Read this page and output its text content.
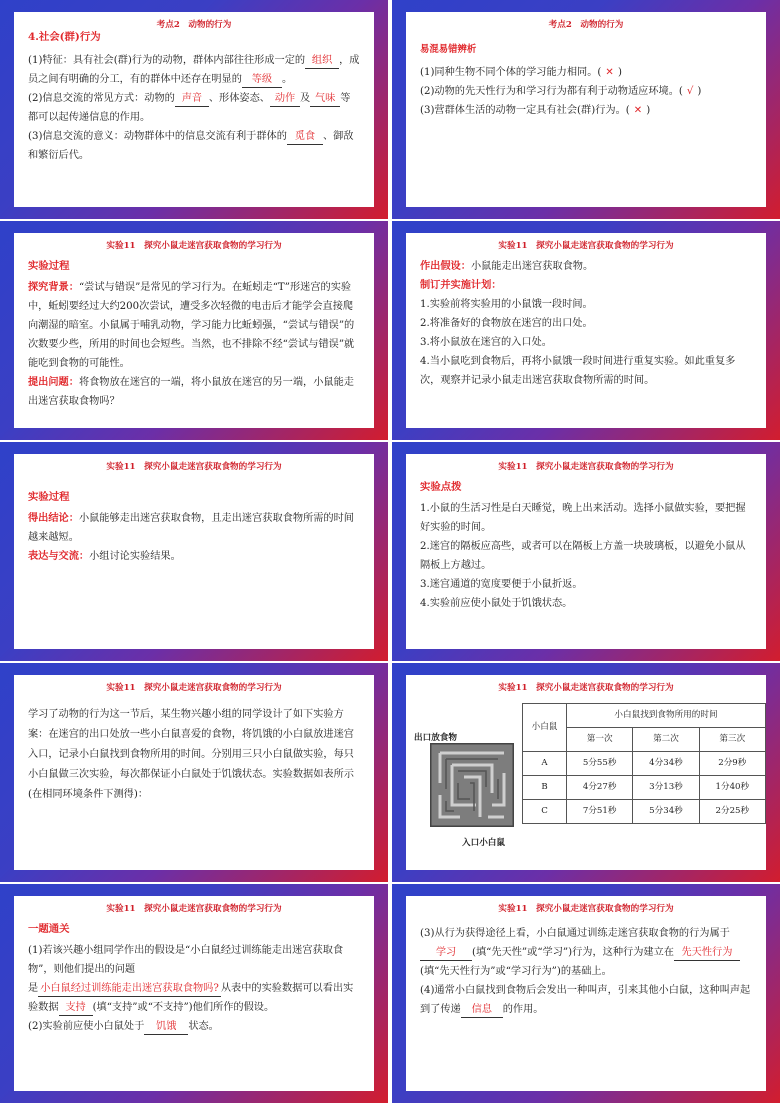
考点2　动物的行为
4.社会(群)行为

(1)特征：具有社会(群)行为的动物，群体内部往往形成一定的 组织 ，成员之间有明确的分工，有的群体中还存在明显的 等级 。

(2)信息交流的常见方式：动物的 声音 、形体姿态、 动作 及 气味 等都可以起传递信息的作用。

(3)信息交流的意义：动物群体中的信息交流有利于群体的 觅食 、御敌和繁衍后代。

考点2　动物的行为
易混易错辨析

(1)同种生物不同个体的学习能力相同。( ✕ )

(2)动物的先天性行为和学习行为都有利于动物适应环境。( √ )

(3)营群体生活的动物一定具有社会(群)行为。( ✕ )

实验11　探究小鼠走迷宫获取食物的学习行为
实验过程

探究背景：“尝试与错误”是常见的学习行为。在蚯蚓走“T”形迷宫的实验中，蚯蚓要经过大约200次尝试，遭受多次轻微的电击后才能学会直接爬向潮湿的暗室。小鼠属于哺乳动物，学习能力比蚯蚓强，“尝试与错误”的次数要少些，所用的时间也会短些。当然，也不排除不经“尝试与错误”就能吃到食物的可能性。

提出问题：将食物放在迷宫的一端，将小鼠放在迷宫的另一端，小鼠能走出迷宫获取食物吗？

实验11　探究小鼠走迷宫获取食物的学习行为

作出假设：小鼠能走出迷宫获取食物。

制订并实施计划：

1.实验前将实验用的小鼠饿一段时间。

2.将准备好的食物放在迷宫的出口处。

3.将小鼠放在迷宫的入口处。

4.当小鼠吃到食物后，再将小鼠饿一段时间进行重复实验。如此重复多次，观察并记录小鼠走出迷宫获取食物所需的时间。

实验11　探究小鼠走迷宫获取食物的学习行为
实验过程

得出结论：小鼠能够走出迷宫获取食物，且走出迷宫获取食物所需的时间越来越短。

表达与交流：小组讨论实验结果。

实验11　探究小鼠走迷宫获取食物的学习行为
实验点拨

1.小鼠的生活习性是白天睡觉，晚上出来活动。选择小鼠做实验，要把握好实验的时间。

2.迷宫的隔板应高些，或者可以在隔板上方盖一块玻璃板，以避免小鼠从隔板上方越过。

3.迷宫通道的宽度要便于小鼠折返。

4.实验前应使小鼠处于饥饿状态。

实验11　探究小鼠走迷宫获取食物的学习行为

学习了动物的行为这一节后，某生物兴趣小组的同学设计了如下实验方案：在迷宫的出口处放一些小白鼠喜爱的食物，将饥饿的小白鼠放进迷宫入口，记录小白鼠找到食物所用的时间。分别用三只小白鼠做实验，每只小白鼠做三次实验，每次都保证小白鼠处于饥饿状态。实验数据如表所示(在相同环境条件下测得)：

实验11　探究小鼠走迷宫获取食物的学习行为
出口放食物
入口小白鼠
小白鼠	小白鼠找到食物所用的时间		
	第一次	第二次	第三次
A	5分55秒	4分34秒	2分9秒
B	4分27秒	3分13秒	1分40秒
C	7分51秒	5分34秒	2分25秒
实验11　探究小鼠走迷宫获取食物的学习行为
一题通关

(1)若该兴趣小组同学作出的假设是“小白鼠经过训练能走出迷宫获取食物”，则他们提出的问题
是 小白鼠经过训练能走出迷宫获取食物吗? 从表中的实验数据可以看出实验数据 支持 (填“支持”或“不支持”)他们所作的假设。

(2)实验前应使小白鼠处于 饥饿 状态。

实验11　探究小鼠走迷宫获取食物的学习行为

(3)从行为获得途径上看，小白鼠通过训练走迷宫获取食物的行为属于学习 (填“先天性”或“学习”)行为，这种行为建立在 先天性行为(填“先天性行为”或“学习行为”)的基础上。

(4)通常小白鼠找到食物后会发出一种叫声，引来其他小白鼠，这种叫声起到了传递 信息 的作用。
